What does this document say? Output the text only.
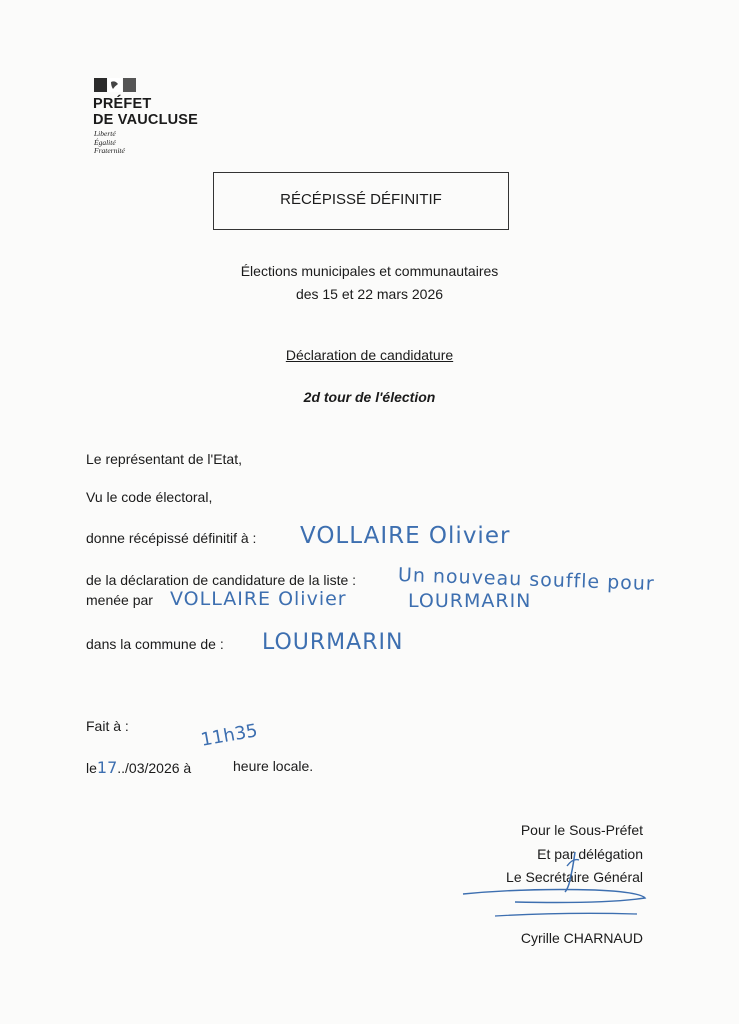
PRÉFET
DE VAUCLUSE
Liberté
Égalité
Fraternité
RÉCÉPISSÉ DÉFINITIF
Élections municipales et communautaires
des 15 et 22 mars 2026
Déclaration de candidature
2d tour de l'élection
Le représentant de l'Etat,
Vu le code électoral,
donne récépissé définitif à : VOLLAIRE Olivier
de la déclaration de candidature de la liste : Un nouveau souffle pour
menée par VOLLAIRE Olivier	LOURMARIN
dans la commune de : LOURMARIN
Fait à :
le17../03/2026 à
11h35
heure locale.
Pour le Sous-Préfet
Et par délégation
Le Secrétaire Général
Cyrille CHARNAUD
